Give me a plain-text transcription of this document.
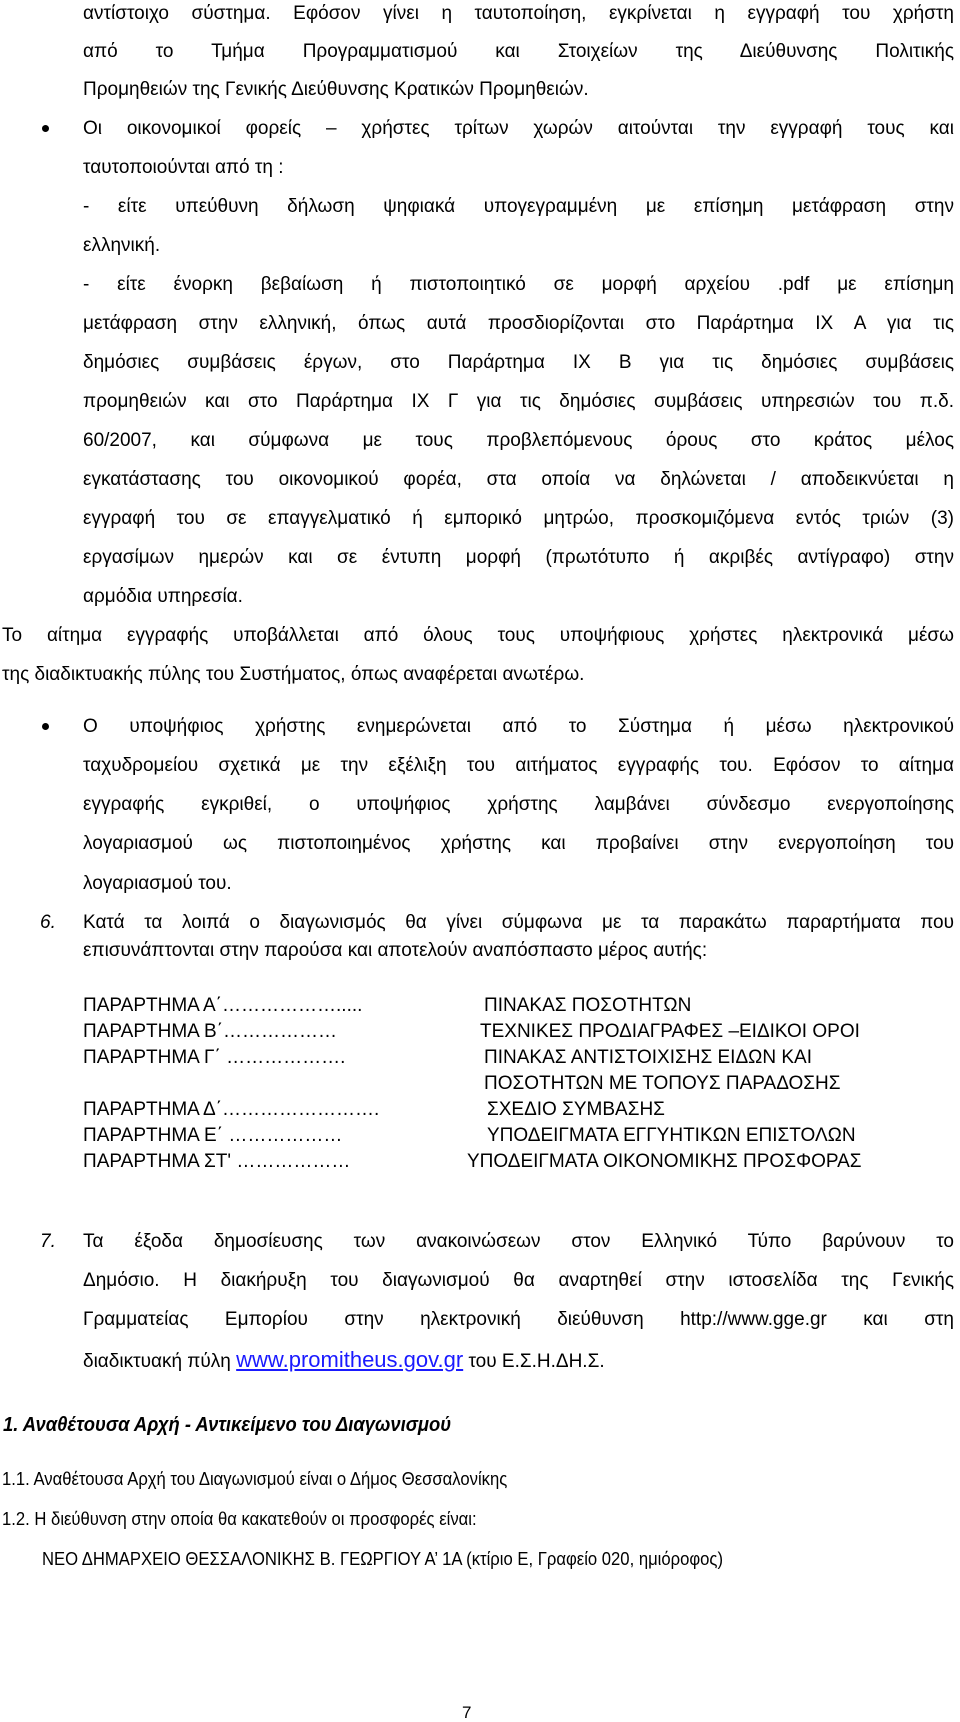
αντίστοιχο σύστημα. Εφόσον γίνει η ταυτοποίηση, εγκρίνεται η εγγραφή του χρήστη
από το Τμήμα Προγραμματισμού και Στοιχείων της Διεύθυνσης Πολιτικής
Προμηθειών της Γενικής Διεύθυνσης Κρατικών Προμηθειών.
Οι οικονομικοί φορείς – χρήστες τρίτων χωρών αιτούνται την εγγραφή τους και
ταυτοποιούνται από τη :
- είτε υπεύθυνη δήλωση ψηφιακά υπογεγραμμένη με επίσημη μετάφραση στην
ελληνική.
- είτε ένορκη βεβαίωση ή πιστοποιητικό σε μορφή αρχείου .pdf με επίσημη
μετάφραση στην ελληνική, όπως αυτά προσδιορίζονται στο Παράρτημα ΙΧ Α για τις
δημόσιες συμβάσεις έργων, στο Παράρτημα ΙΧ Β για τις δημόσιες συμβάσεις
προμηθειών και στο Παράρτημα ΙΧ Γ για τις δημόσιες συμβάσεις υπηρεσιών του π.δ.
60/2007, και σύμφωνα με τους προβλεπόμενους όρους στο κράτος μέλος
εγκατάστασης του οικονομικού φορέα, στα οποία να δηλώνεται / αποδεικνύεται η
εγγραφή του σε επαγγελματικό ή εμπορικό μητρώο, προσκομιζόμενα εντός τριών (3)
εργασίμων ημερών και σε έντυπη μορφή (πρωτότυπο ή ακριβές αντίγραφο) στην
αρμόδια υπηρεσία.
Το αίτημα εγγραφής υποβάλλεται από όλους τους υποψήφιους χρήστες ηλεκτρονικά μέσω
της διαδικτυακής πύλης του Συστήματος, όπως αναφέρεται ανωτέρω.
Ο υποψήφιος χρήστης ενημερώνεται από το Σύστημα ή μέσω ηλεκτρονικού
ταχυδρομείου σχετικά με την εξέλιξη του αιτήματος εγγραφής του. Εφόσον το αίτημα
εγγραφής εγκριθεί, ο υποψήφιος χρήστης λαμβάνει σύνδεσμο ενεργοποίησης
λογαριασμού ως πιστοποιημένος χρήστης και προβαίνει στην ενεργοποίηση του
λογαριασμού του.
6. Κατά τα λοιπά ο διαγωνισμός θα γίνει σύμφωνα με τα παρακάτω παραρτήματα που
επισυνάπτονται στην παρούσα και αποτελούν αναπόσπαστο μέρος αυτής:
ΠΑΡΑΡΤΗΜΑ Α΄……………….....	ΠΙΝΑΚΑΣ ΠΟΣΟΤΗΤΩΝ
ΠΑΡΑΡΤΗΜΑ Β΄………………	ΤΕΧΝΙΚΕΣ ΠΡΟΔΙΑΓΡΑΦΕΣ –ΕΙΔΙΚΟΙ ΟΡΟΙ
ΠΑΡΑΡΤΗΜΑ Γ΄ ……………….	ΠΙΝΑΚΑΣ ΑΝΤΙΣΤΟΙΧΙΣΗΣ ΕΙΔΩΝ ΚΑΙ
ΠΟΣΟΤΗΤΩΝ ΜΕ ΤΟΠΟΥΣ ΠΑΡΑΔΟΣΗΣ
ΠΑΡΑΡΤΗΜΑ Δ΄…………………….	ΣΧΕΔΙΟ ΣΥΜΒΑΣΗΣ
ΠΑΡΑΡΤΗΜΑ Ε΄ ………………	ΥΠΟΔΕΙΓΜΑΤΑ ΕΓΓΥΗΤΙΚΩΝ ΕΠΙΣΤΟΛΩΝ
ΠΑΡΑΡΤΗΜΑ ΣΤ' ………………	ΥΠΟΔΕΙΓΜΑΤΑ ΟΙΚΟΝΟΜΙΚΗΣ ΠΡΟΣΦΟΡΑΣ
7. Τα έξοδα δημοσίευσης των ανακοινώσεων στον Ελληνικό Τύπο βαρύνουν το
Δημόσιο. Η διακήρυξη του διαγωνισμού θα αναρτηθεί στην ιστοσελίδα της Γενικής
Γραμματείας Εμπορίου στην ηλεκτρονική διεύθυνση http://www.gge.gr και στη
διαδικτυακή πύλη www.promitheus.gov.gr του Ε.Σ.Η.ΔΗ.Σ.
1. Αναθέτουσα Αρχή - Αντικείμενο του Διαγωνισμού
1.1. Αναθέτουσα Αρχή του Διαγωνισμού είναι ο Δήμος Θεσσαλονίκης
1.2. Η διεύθυνση στην οποία θα κακατεθούν οι προσφορές είναι:
ΝΕΟ ΔΗΜΑΡΧΕΙΟ ΘΕΣΣΑΛΟΝΙΚΗΣ Β. ΓΕΩΡΓΙΟΥ Α’ 1Α (κτίριο Ε, Γραφείο 020, ημιόροφος)
7
